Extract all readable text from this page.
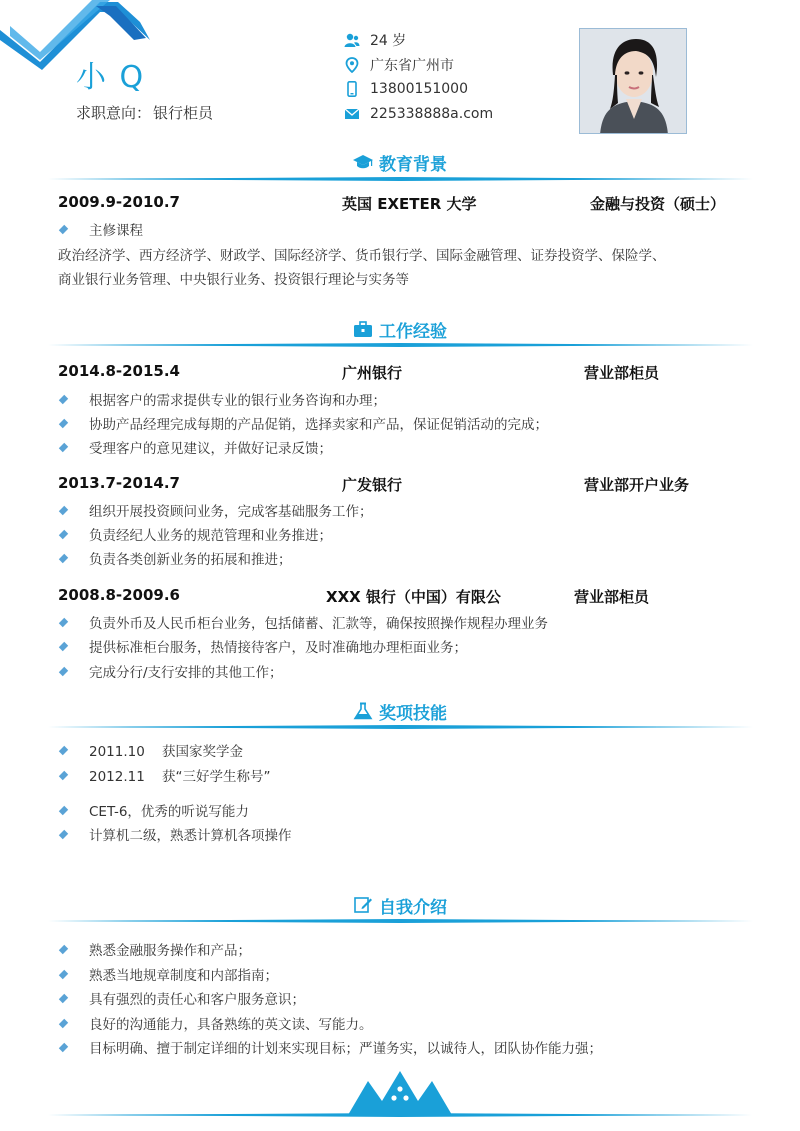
小 Q
求职意向： 银行柜员
24 岁
广东省广州市
13800151000
225338888a.com
教育背景
2009.9-2010.7	英国 EXETER 大学	金融与投资（硕士）
主修课程
政治经济学、西方经济学、财政学、国际经济学、货币银行学、国际金融管理、证券投资学、保险学、
商业银行业务管理、中央银行业务、投资银行理论与实务等
工作经验
2014.8-2015.4	广州银行	营业部柜员
根据客户的需求提供专业的银行业务咨询和办理；
协助产品经理完成每期的产品促销，选择卖家和产品，保证促销活动的完成；
受理客户的意见建议，并做好记录反馈；
2013.7-2014.7	广发银行	营业部开户业务
组织开展投资顾问业务，完成客基础服务工作；
负责经纪人业务的规范管理和业务推进；
负责各类创新业务的拓展和推进；
2008.8-2009.6	XXX 银行（中国）有限公	营业部柜员
负责外币及人民币柜台业务，包括储蓄、汇款等，确保按照操作规程办理业务
提供标准柜台服务，热情接待客户，及时准确地办理柜面业务；
完成分行/支行安排的其他工作；
奖项技能
2011.10    获国家奖学金
2012.11    获“三好学生称号”
CET-6，优秀的听说写能力
计算机二级，熟悉计算机各项操作
自我介绍
熟悉金融服务操作和产品；
熟悉当地规章制度和内部指南；
具有强烈的责任心和客户服务意识；
良好的沟通能力，具备熟练的英文读、写能力。
目标明确、擅于制定详细的计划来实现目标；严谨务实，以诚待人，团队协作能力强；
